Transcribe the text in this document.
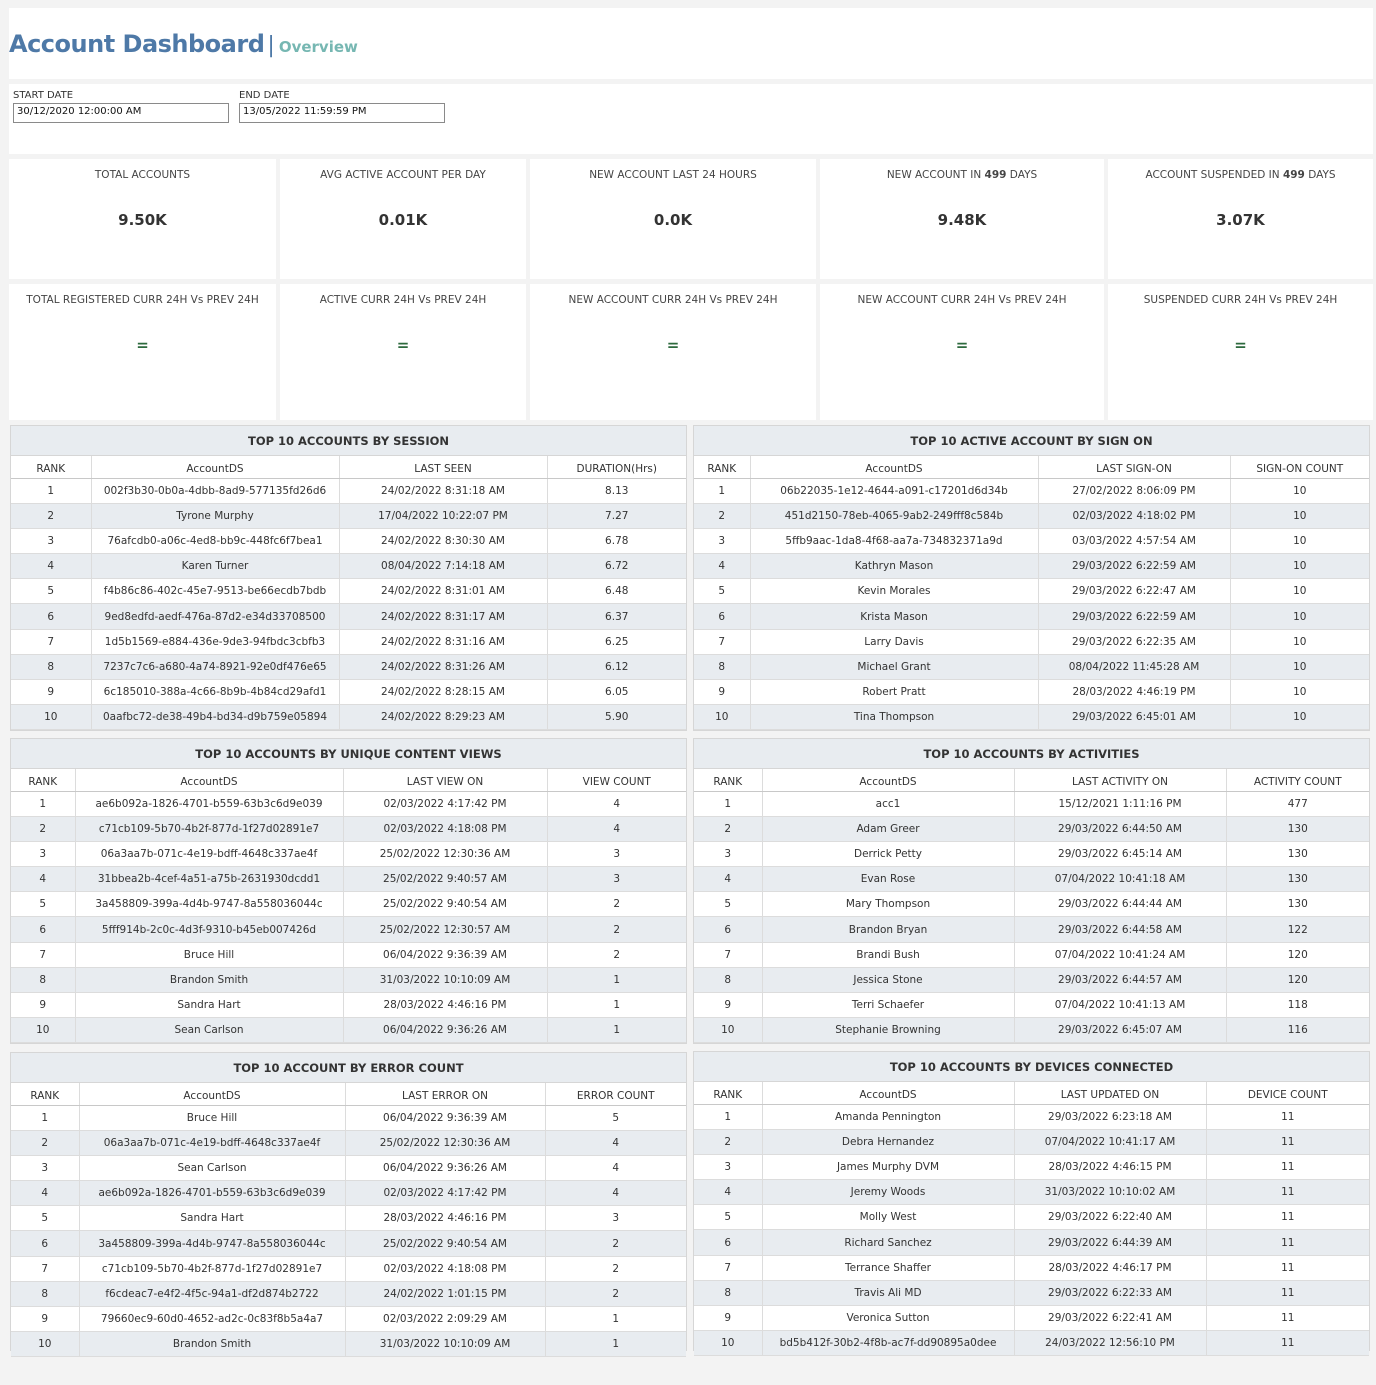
Account Dashboard | Overview
START DATE
30/12/2020 12:00:00 AM
END DATE
13/05/2022 11:59:59 PM
TOTAL ACCOUNTS
9.50K
AVG ACTIVE ACCOUNT PER DAY
0.01K
NEW ACCOUNT LAST 24 HOURS
0.0K
NEW ACCOUNT IN 499 DAYS
9.48K
ACCOUNT SUSPENDED IN 499 DAYS
3.07K
TOTAL REGISTERED CURR 24H Vs PREV 24H
=
ACTIVE CURR 24H Vs PREV 24H
=
NEW ACCOUNT CURR 24H Vs PREV 24H
=
NEW ACCOUNT CURR 24H Vs PREV 24H
=
SUSPENDED CURR 24H Vs PREV 24H
=
TOP 10 ACCOUNTS BY SESSION
RANK	AccountDS	LAST SEEN	DURATION(Hrs)
1	002f3b30-0b0a-4dbb-8ad9-577135fd26d6	24/02/2022 8:31:18 AM	8.13
2	Tyrone Murphy	17/04/2022 10:22:07 PM	7.27
3	76afcdb0-a06c-4ed8-bb9c-448fc6f7bea1	24/02/2022 8:30:30 AM	6.78
4	Karen Turner	08/04/2022 7:14:18 AM	6.72
5	f4b86c86-402c-45e7-9513-be66ecdb7bdb	24/02/2022 8:31:01 AM	6.48
6	9ed8edfd-aedf-476a-87d2-e34d33708500	24/02/2022 8:31:17 AM	6.37
7	1d5b1569-e884-436e-9de3-94fbdc3cbfb3	24/02/2022 8:31:16 AM	6.25
8	7237c7c6-a680-4a74-8921-92e0df476e65	24/02/2022 8:31:26 AM	6.12
9	6c185010-388a-4c66-8b9b-4b84cd29afd1	24/02/2022 8:28:15 AM	6.05
10	0aafbc72-de38-49b4-bd34-d9b759e05894	24/02/2022 8:29:23 AM	5.90
TOP 10 ACTIVE ACCOUNT BY SIGN ON
RANK	AccountDS	LAST SIGN-ON	SIGN-ON COUNT
1	06b22035-1e12-4644-a091-c17201d6d34b	27/02/2022 8:06:09 PM	10
2	451d2150-78eb-4065-9ab2-249fff8c584b	02/03/2022 4:18:02 PM	10
3	5ffb9aac-1da8-4f68-aa7a-734832371a9d	03/03/2022 4:57:54 AM	10
4	Kathryn Mason	29/03/2022 6:22:59 AM	10
5	Kevin Morales	29/03/2022 6:22:47 AM	10
6	Krista Mason	29/03/2022 6:22:59 AM	10
7	Larry Davis	29/03/2022 6:22:35 AM	10
8	Michael Grant	08/04/2022 11:45:28 AM	10
9	Robert Pratt	28/03/2022 4:46:19 PM	10
10	Tina Thompson	29/03/2022 6:45:01 AM	10
TOP 10 ACCOUNTS BY UNIQUE CONTENT VIEWS
RANK	AccountDS	LAST VIEW ON	VIEW COUNT
1	ae6b092a-1826-4701-b559-63b3c6d9e039	02/03/2022 4:17:42 PM	4
2	c71cb109-5b70-4b2f-877d-1f27d02891e7	02/03/2022 4:18:08 PM	4
3	06a3aa7b-071c-4e19-bdff-4648c337ae4f	25/02/2022 12:30:36 AM	3
4	31bbea2b-4cef-4a51-a75b-2631930dcdd1	25/02/2022 9:40:57 AM	3
5	3a458809-399a-4d4b-9747-8a558036044c	25/02/2022 9:40:54 AM	2
6	5fff914b-2c0c-4d3f-9310-b45eb007426d	25/02/2022 12:30:57 AM	2
7	Bruce Hill	06/04/2022 9:36:39 AM	2
8	Brandon Smith	31/03/2022 10:10:09 AM	1
9	Sandra Hart	28/03/2022 4:46:16 PM	1
10	Sean Carlson	06/04/2022 9:36:26 AM	1
TOP 10 ACCOUNTS BY ACTIVITIES
RANK	AccountDS	LAST ACTIVITY ON	ACTIVITY COUNT
1	acc1	15/12/2021 1:11:16 PM	477
2	Adam Greer	29/03/2022 6:44:50 AM	130
3	Derrick Petty	29/03/2022 6:45:14 AM	130
4	Evan Rose	07/04/2022 10:41:18 AM	130
5	Mary Thompson	29/03/2022 6:44:44 AM	130
6	Brandon Bryan	29/03/2022 6:44:58 AM	122
7	Brandi Bush	07/04/2022 10:41:24 AM	120
8	Jessica Stone	29/03/2022 6:44:57 AM	120
9	Terri Schaefer	07/04/2022 10:41:13 AM	118
10	Stephanie Browning	29/03/2022 6:45:07 AM	116
TOP 10 ACCOUNT BY ERROR COUNT
RANK	AccountDS	LAST ERROR ON	ERROR COUNT
1	Bruce Hill	06/04/2022 9:36:39 AM	5
2	06a3aa7b-071c-4e19-bdff-4648c337ae4f	25/02/2022 12:30:36 AM	4
3	Sean Carlson	06/04/2022 9:36:26 AM	4
4	ae6b092a-1826-4701-b559-63b3c6d9e039	02/03/2022 4:17:42 PM	4
5	Sandra Hart	28/03/2022 4:46:16 PM	3
6	3a458809-399a-4d4b-9747-8a558036044c	25/02/2022 9:40:54 AM	2
7	c71cb109-5b70-4b2f-877d-1f27d02891e7	02/03/2022 4:18:08 PM	2
8	f6cdeac7-e4f2-4f5c-94a1-df2d874b2722	24/02/2022 1:01:15 PM	2
9	79660ec9-60d0-4652-ad2c-0c83f8b5a4a7	02/03/2022 2:09:29 AM	1
10	Brandon Smith	31/03/2022 10:10:09 AM	1
TOP 10 ACCOUNTS BY DEVICES CONNECTED
RANK	AccountDS	LAST UPDATED ON	DEVICE COUNT
1	Amanda Pennington	29/03/2022 6:23:18 AM	11
2	Debra Hernandez	07/04/2022 10:41:17 AM	11
3	James Murphy DVM	28/03/2022 4:46:15 PM	11
4	Jeremy Woods	31/03/2022 10:10:02 AM	11
5	Molly West	29/03/2022 6:22:40 AM	11
6	Richard Sanchez	29/03/2022 6:44:39 AM	11
7	Terrance Shaffer	28/03/2022 4:46:17 PM	11
8	Travis Ali MD	29/03/2022 6:22:33 AM	11
9	Veronica Sutton	29/03/2022 6:22:41 AM	11
10	bd5b412f-30b2-4f8b-ac7f-dd90895a0dee	24/03/2022 12:56:10 PM	11
